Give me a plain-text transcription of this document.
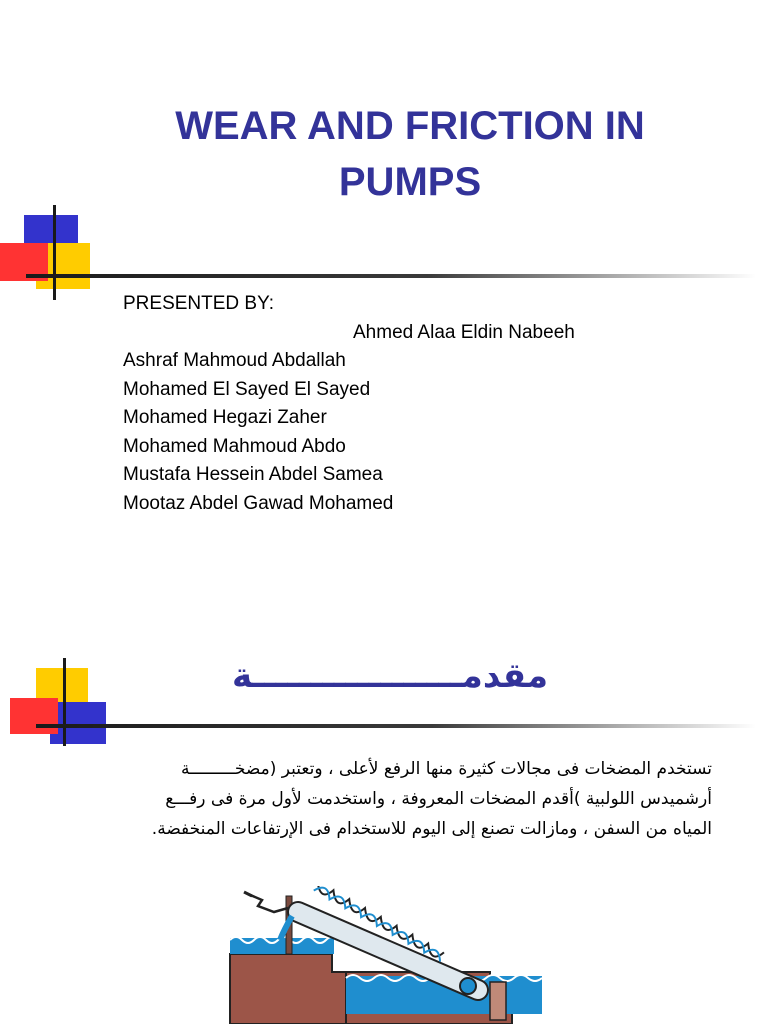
WEAR AND FRICTION IN
PUMPS
PRESENTED BY:
Ahmed Alaa Eldin Nabeeh
Ashraf Mahmoud Abdallah
Mohamed El Sayed El Sayed
Mohamed Hegazi Zaher
Mohamed Mahmoud Abdo
Mustafa Hessein Abdel Samea
Mootaz Abdel Gawad Mohamed
مقدمــــــــــــــــــة
تستخدم المضخات فى مجالات كثيرة منها الرفع لأعلى ، وتعتبر (مضخـــــــــة
أرشميدس اللولبية )أقدم المضخات المعروفة ، واستخدمت لأول مرة فى رفـــع
المياه من السفن ، ومازالت تصنع إلى اليوم للاستخدام فى الإرتفاعات المنخفضة.
